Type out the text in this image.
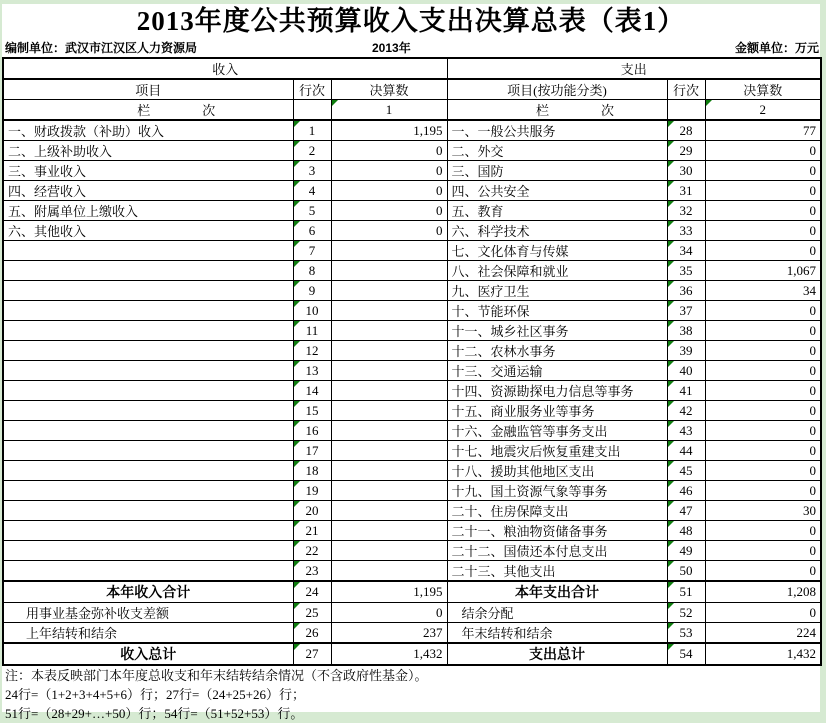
2013年度公共预算收入支出决算总表（表1）
编制单位：武汉市江汉区人力资源局	2013年	金额单位：万元
收入			支出		
项目	行次	决算数	项目(按功能分类)	行次	决算数
栏　　　　次		1	栏　　　　次		2
一、财政拨款（补助）收入	1	1,195	一、一般公共服务	28	77
二、上级补助收入	2	0	二、外交	29	0
三、事业收入	3	0	三、国防	30	0
四、经营收入	4	0	四、公共安全	31	0
五、附属单位上缴收入	5	0	五、教育	32	0
六、其他收入	6	0	六、科学技术	33	0
	7		七、文化体育与传媒	34	0
	8		八、社会保障和就业	35	1,067
	9		九、医疗卫生	36	34
	10		十、节能环保	37	0
	11		十一、城乡社区事务	38	0
	12		十二、农林水事务	39	0
	13		十三、交通运输	40	0
	14		十四、资源勘探电力信息等事务	41	0
	15		十五、商业服务业等事务	42	0
	16		十六、金融监管等事务支出	43	0
	17		十七、地震灾后恢复重建支出	44	0
	18		十八、援助其他地区支出	45	0
	19		十九、国土资源气象等事务	46	0
	20		二十、住房保障支出	47	30
	21		二十一、粮油物资储备事务	48	0
	22		二十二、国债还本付息支出	49	0
	23		二十三、其他支出	50	0
本年收入合计	24	1,195	本年支出合计	51	1,208
用事业基金弥补收支差额	25	0	结余分配	52	0
上年结转和结余	26	237	年末结转和结余	53	224
收入总计	27	1,432	支出总计	54	1,432
注：本表反映部门本年度总收支和年末结转结余情况（不含政府性基金）。
24行=（1+2+3+4+5+6）行；27行=（24+25+26）行；
51行=（28+29+…+50）行；54行=（51+52+53）行。
